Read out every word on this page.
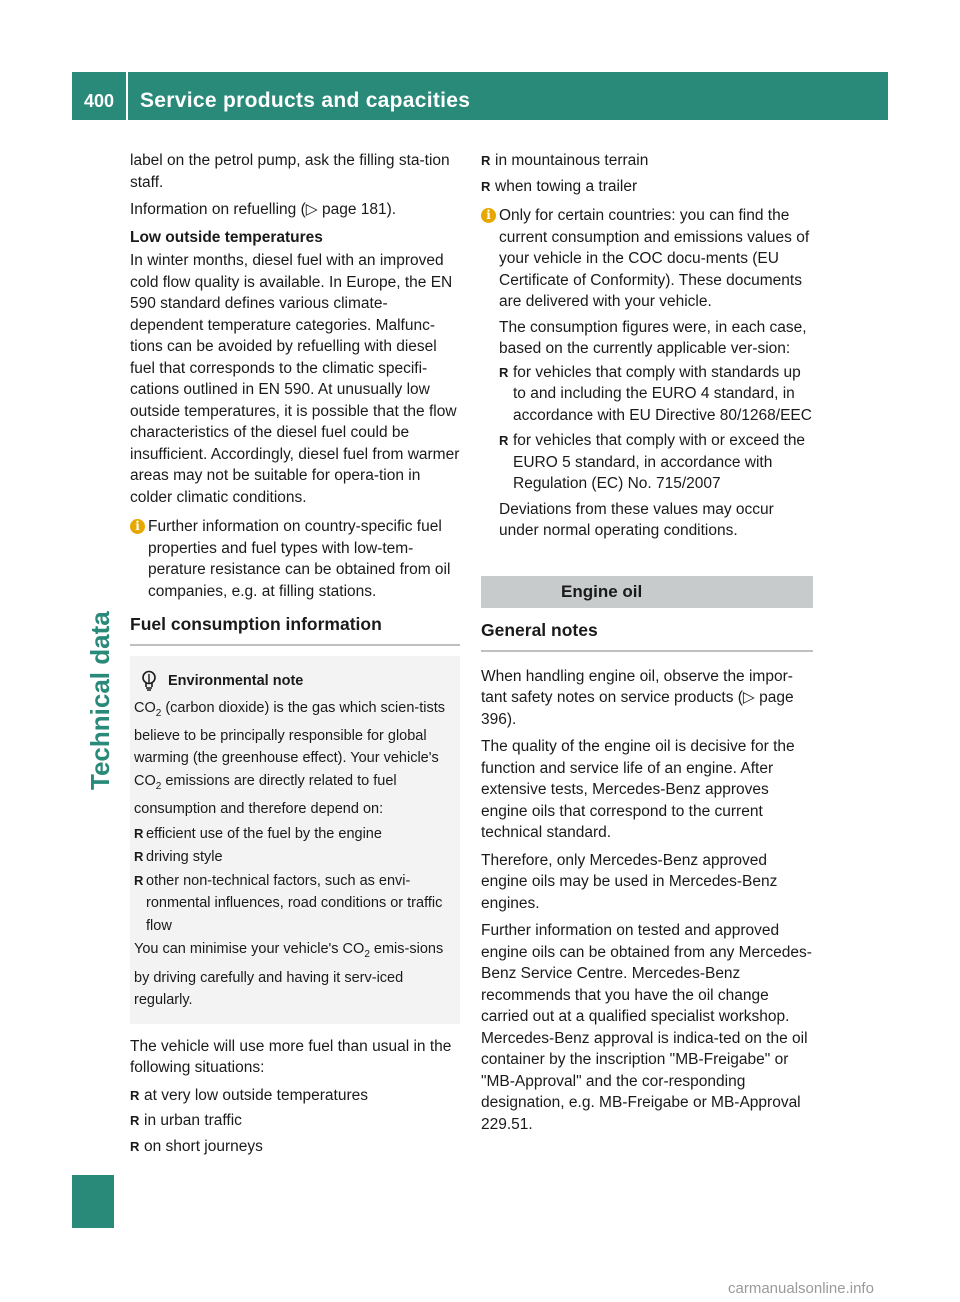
400	Service products and capacities
Technical data

label on the petrol pump, ask the filling sta-tion staff.

Information on refuelling (▷ page 181).

Low outside temperatures

In winter months, diesel fuel with an improved cold flow quality is available. In Europe, the EN 590 standard defines various climate-dependent temperature categories. Malfunc-tions can be avoided by refuelling with diesel fuel that corresponds to the climatic specifi-cations outlined in EN 590. At unusually low outside temperatures, it is possible that the flow characteristics of the diesel fuel could be insufficient. Accordingly, diesel fuel from warmer areas may not be suitable for opera-tion in colder climatic conditions.

i Further information on country-specific fuel properties and fuel types with low-tem-perature resistance can be obtained from oil companies, e.g. at filling stations.
Fuel consumption information
Environmental note

$CO_2$ (carbon dioxide) is the gas which scien-tists believe to be principally responsible for global warming (the greenhouse effect). Your vehicle's $CO_2$ emissions are directly related to fuel consumption and therefore depend on:

R efficient use of the fuel by the engine
R driving style
R other non-technical factors, such as envi-ronmental influences, road conditions or traffic flow

You can minimise your vehicle's $CO_2$ emis-sions by driving carefully and having it serv-iced regularly.

The vehicle will use more fuel than usual in the following situations:

R at very low outside temperatures
R in urban traffic
R on short journeys
R in mountainous terrain
R when towing a trailer
i Only for certain countries: you can find the current consumption and emissions values of your vehicle in the COC docu-ments (EU Certificate of Conformity). These documents are delivered with your vehicle.

The consumption figures were, in each case, based on the currently applicable ver-sion:

R for vehicles that comply with standards up to and including the EURO 4 standard, in accordance with EU Directive 80/1268/EEC
R for vehicles that comply with or exceed the EURO 5 standard, in accordance with Regulation (EC) No. 715/2007

Deviations from these values may occur under normal operating conditions.

Engine oil
General notes

When handling engine oil, observe the impor-tant safety notes on service products (▷ page 396).

The quality of the engine oil is decisive for the function and service life of an engine. After extensive tests, Mercedes-Benz approves engine oils that correspond to the current technical standard.

Therefore, only Mercedes-Benz approved engine oils may be used in Mercedes-Benz engines.

Further information on tested and approved engine oils can be obtained from any Mercedes-Benz Service Centre. Mercedes-Benz recommends that you have the oil change carried out at a qualified specialist workshop. Mercedes-Benz approval is indica-ted on the oil container by the inscription "MB-Freigabe" or "MB-Approval" and the cor-responding designation, e.g. MB-Freigabe or MB-Approval 229.51.

carmanualsonline.info
